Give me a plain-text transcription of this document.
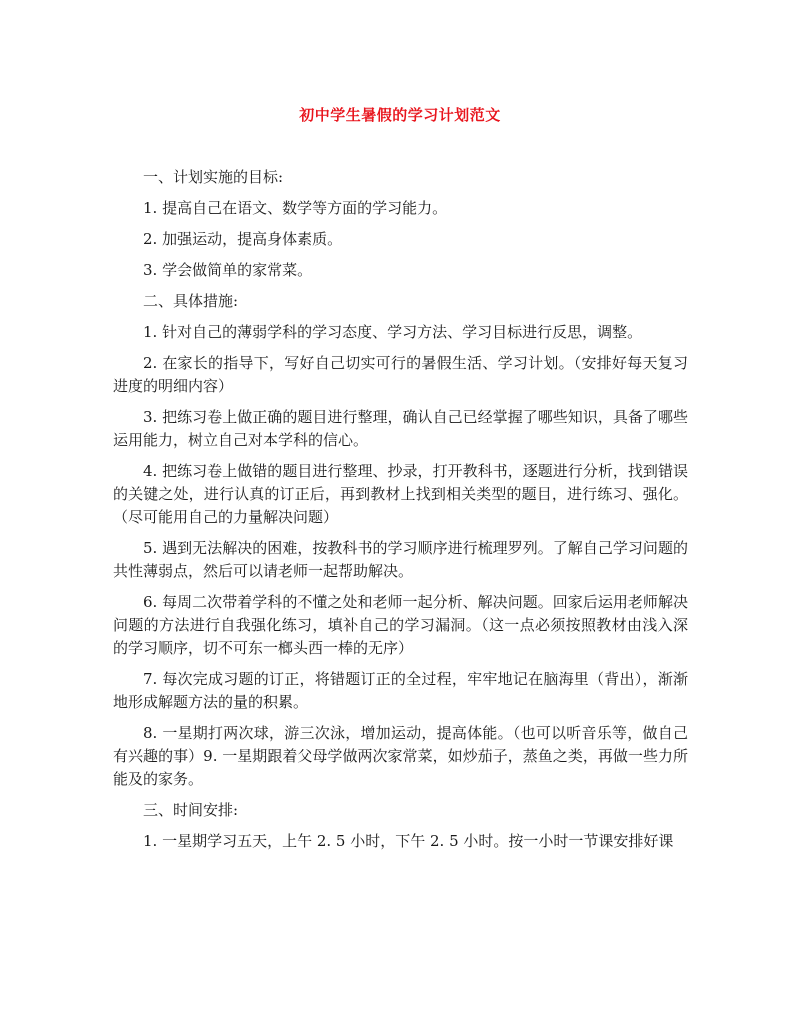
初中学生暑假的学习计划范文

一、计划实施的目标:

1. 提高自己在语文、数学等方面的学习能力。

2. 加强运动，提高身体素质。

3. 学会做简单的家常菜。

二、具体措施:

1. 针对自己的薄弱学科的学习态度、学习方法、学习目标进行反思，调整。

2. 在家长的指导下，写好自己切实可行的暑假生活、学习计划。（安排好每天复习进度的明细内容）

3. 把练习卷上做正确的题目进行整理，确认自己已经掌握了哪些知识，具备了哪些运用能力，树立自己对本学科的信心。

4. 把练习卷上做错的题目进行整理、抄录，打开教科书，逐题进行分析，找到错误的关键之处，进行认真的订正后，再到教材上找到相关类型的题目，进行练习、强化。（尽可能用自己的力量解决问题）

5. 遇到无法解决的困难，按教科书的学习顺序进行梳理罗列。了解自己学习问题的共性薄弱点，然后可以请老师一起帮助解决。

6. 每周二次带着学科的不懂之处和老师一起分析、解决问题。回家后运用老师解决问题的方法进行自我强化练习，填补自己的学习漏洞。（这一点必须按照教材由浅入深的学习顺序，切不可东一榔头西一棒的无序）

7. 每次完成习题的订正，将错题订正的全过程，牢牢地记在脑海里（背出），渐渐地形成解题方法的量的积累。

8. 一星期打两次球，游三次泳，增加运动，提高体能。（也可以听音乐等，做自己有兴趣的事）9. 一星期跟着父母学做两次家常菜，如炒茄子，蒸鱼之类，再做一些力所能及的家务。

三、时间安排:

1. 一星期学习五天，上午 2. 5 小时，下午 2. 5 小时。按一小时一节课安排好课
